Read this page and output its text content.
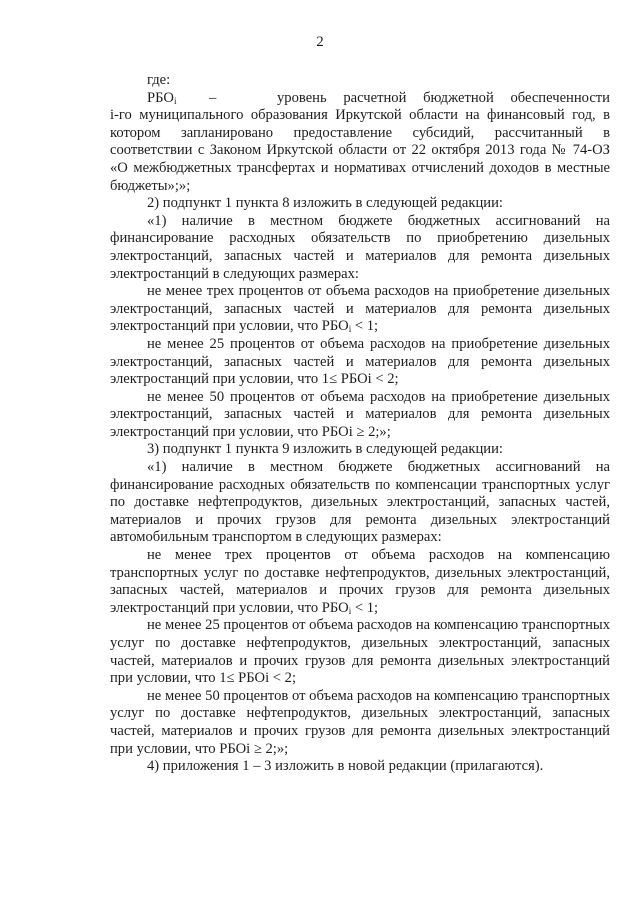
2

где:

$РБО_i$	–	уровень расчетной бюджетной обеспеченности

i-го муниципального образования Иркутской области на финансовый год, в котором запланировано предоставление субсидий, рассчитанный в соответствии с Законом Иркутской области от 22 октября 2013 года № 74-ОЗ «О межбюджетных трансфертах и нормативах отчислений доходов в местные бюджеты»;»;

2) подпункт 1 пункта 8 изложить в следующей редакции:

«1) наличие в местном бюджете бюджетных ассигнований на финансирование расходных обязательств по приобретению дизельных электростанций, запасных частей и материалов для ремонта дизельных электростанций в следующих размерах:

не менее трех процентов от объема расходов на приобретение дизельных электростанций, запасных частей и материалов для ремонта дизельных электростанций при условии, что $РБО_i < 1$;

не менее 25 процентов от объема расходов на приобретение дизельных электростанций, запасных частей и материалов для ремонта дизельных электростанций при условии, что 1≤ РБОi < 2;

не менее 50 процентов от объема расходов на приобретение дизельных электростанций, запасных частей и материалов для ремонта дизельных электростанций при условии, что РБОi ≥ 2;»;

3) подпункт 1 пункта 9 изложить в следующей редакции:

«1) наличие в местном бюджете бюджетных ассигнований на финансирование расходных обязательств по компенсации транспортных услуг по доставке нефтепродуктов, дизельных электростанций, запасных частей, материалов и прочих грузов для ремонта дизельных электростанций автомобильным транспортом в следующих размерах:

не менее трех процентов от объема расходов на компенсацию транспортных услуг по доставке нефтепродуктов, дизельных электростанций, запасных частей, материалов и прочих грузов для ремонта дизельных электростанций при условии, что $РБО_i < 1$;

не менее 25 процентов от объема расходов на компенсацию транспортных услуг по доставке нефтепродуктов, дизельных электростанций, запасных частей, материалов и прочих грузов для ремонта дизельных электростанций при условии, что 1≤ РБОi < 2;

не менее 50 процентов от объема расходов на компенсацию транспортных услуг по доставке нефтепродуктов, дизельных электростанций, запасных частей, материалов и прочих грузов для ремонта дизельных электростанций при условии, что РБОi ≥ 2;»;

4) приложения 1 – 3 изложить в новой редакции (прилагаются).
